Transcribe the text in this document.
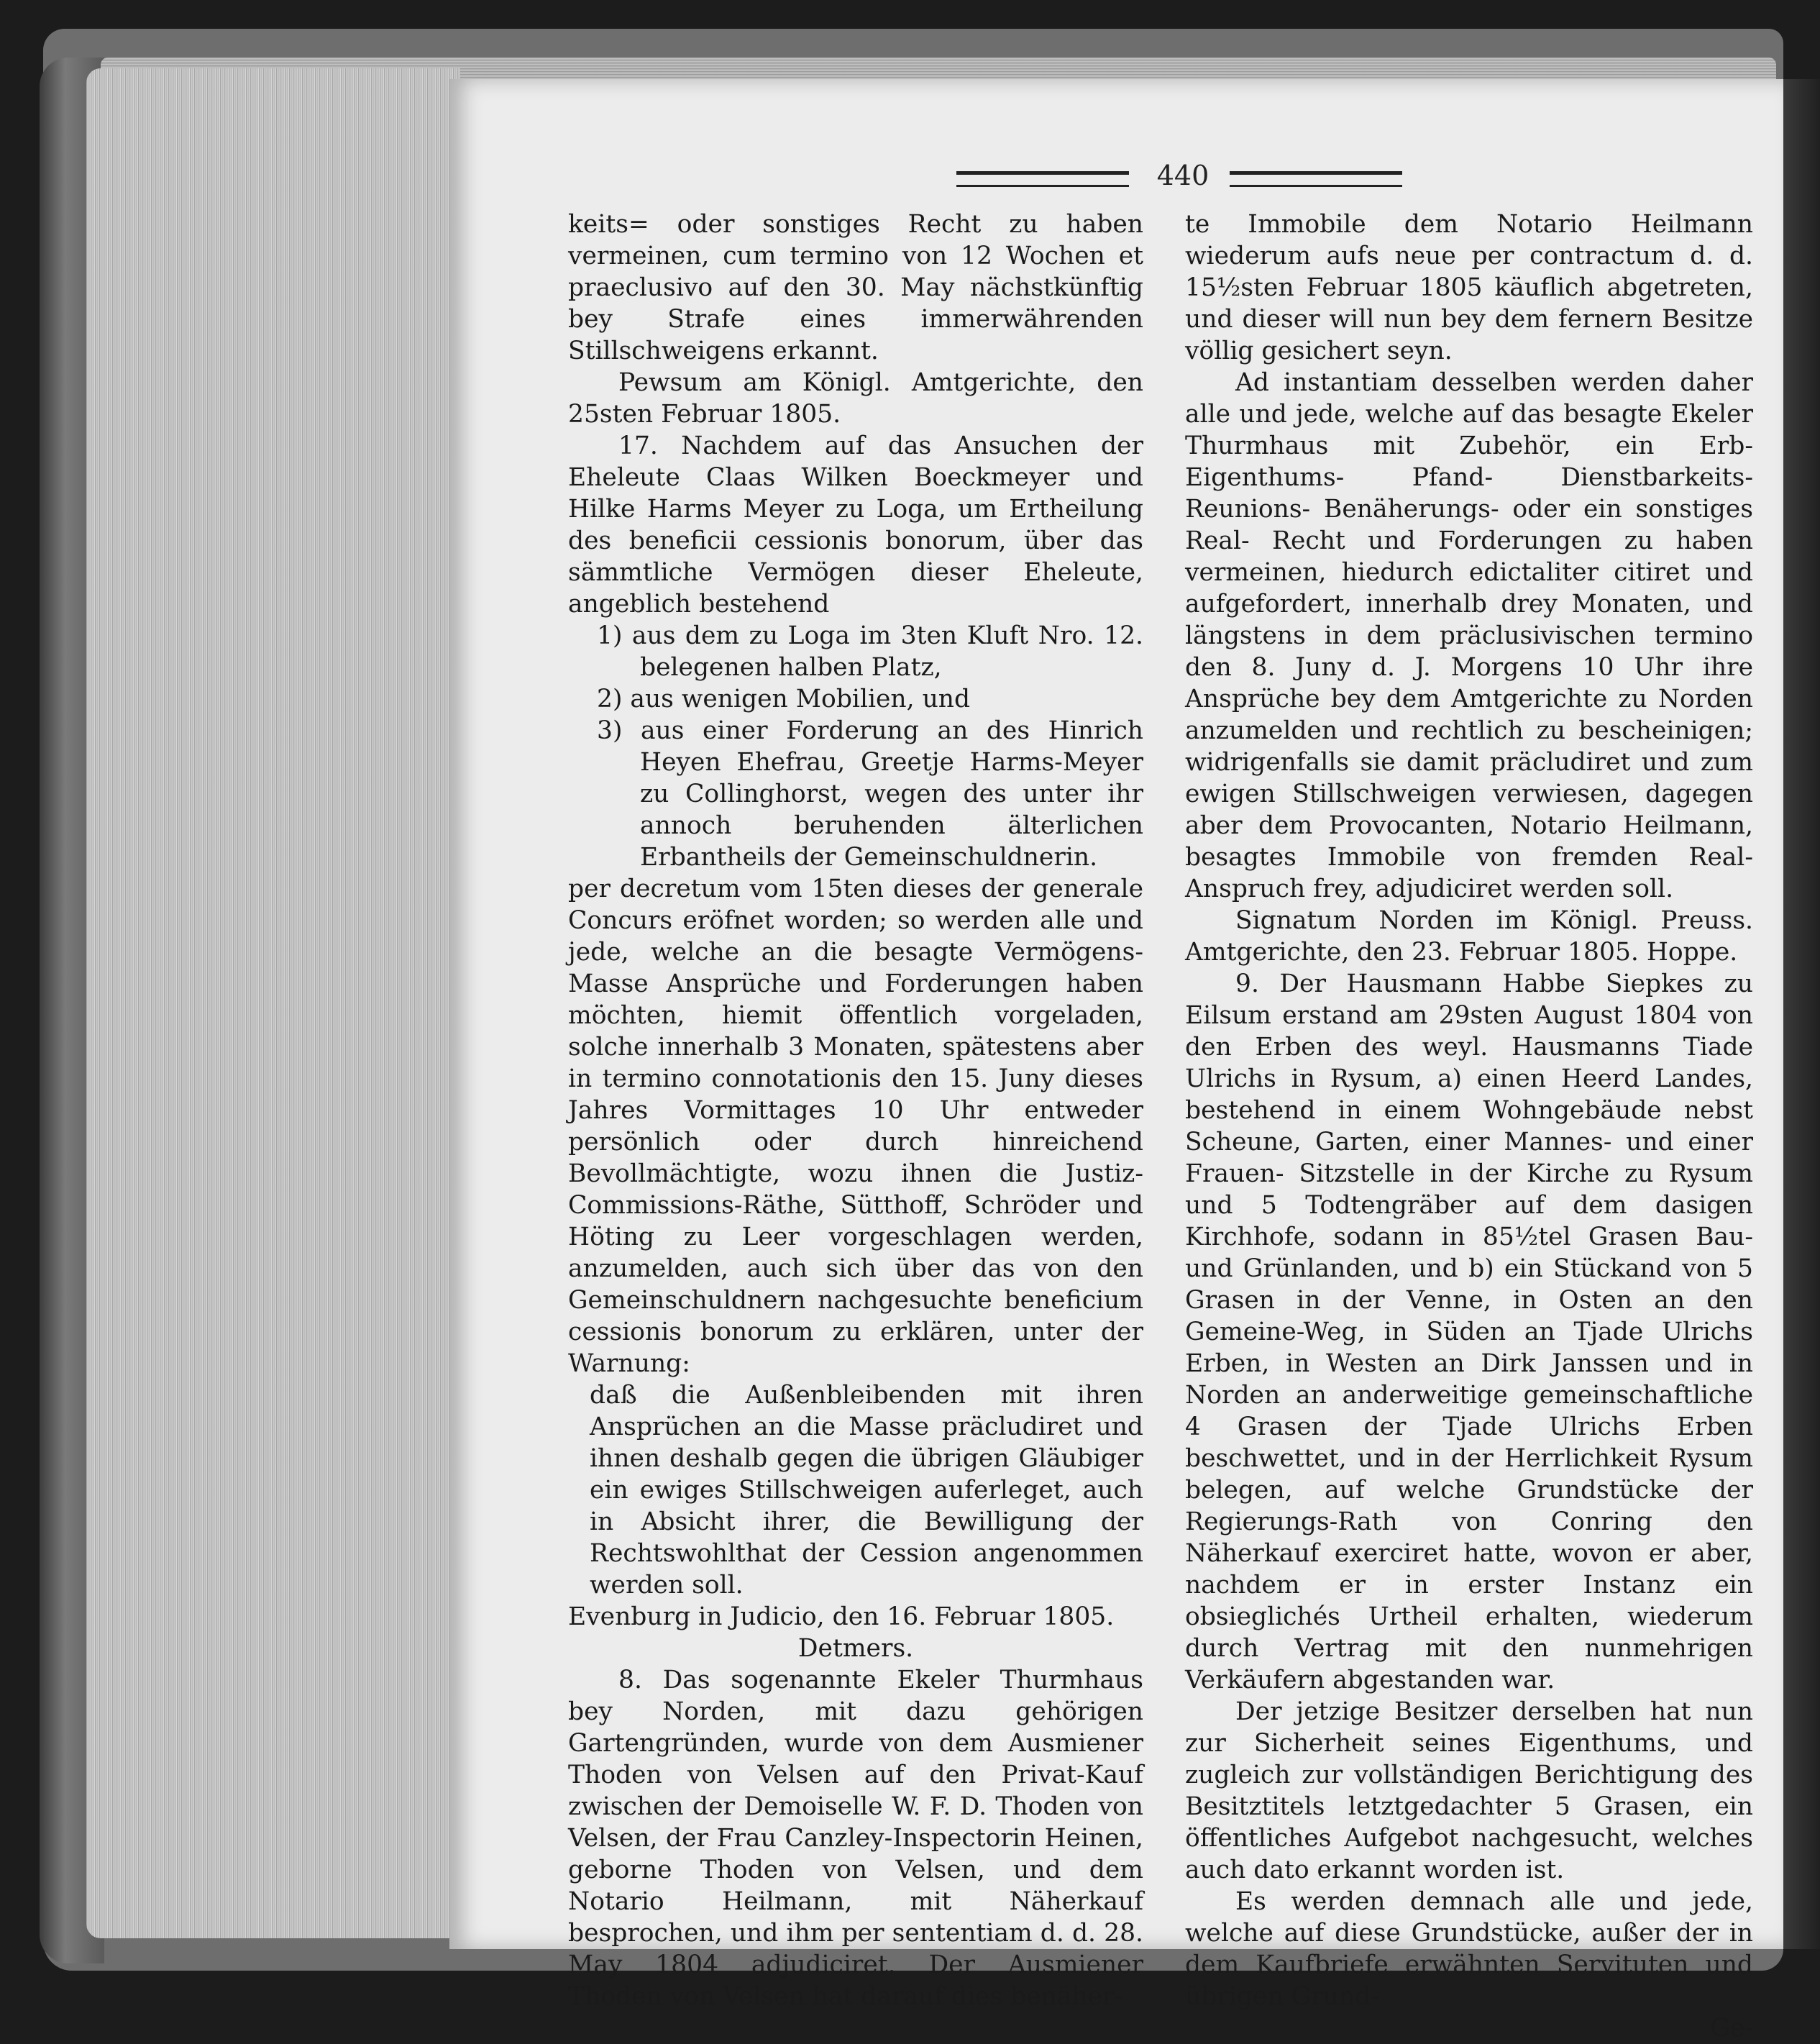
440

keits= oder sonstiges Recht zu haben vermeinen, cum termino von 12 Wochen et praeclusivo auf den 30. May nächstkünftig bey Strafe eines immerwährenden Stillschweigens erkannt.

Pewsum am Königl. Amtgerichte, den 25sten Februar 1805.

17. Nachdem auf das Ansuchen der Eheleute Claas Wilken Boeckmeyer und Hilke Harms Meyer zu Loga, um Ertheilung des beneficii cessionis bonorum, über das sämmtliche Vermögen dieser Eheleute, angeblich bestehend

1) aus dem zu Loga im 3ten Kluft Nro. 12. belegenen halben Platz,

2) aus wenigen Mobilien, und

3) aus einer Forderung an des Hinrich Heyen Ehefrau, Greetje Harms-Meyer zu Collinghorst, wegen des unter ihr annoch beruhenden älterlichen Erbantheils der Gemeinschuldnerin.

per decretum vom 15ten dieses der generale Concurs eröfnet worden; so werden alle und jede, welche an die besagte Vermögens-Masse Ansprüche und Forderungen haben möchten, hiemit öffentlich vorgeladen, solche innerhalb 3 Monaten, spätestens aber in termino connotationis den 15. Juny dieses Jahres Vormittages 10 Uhr entweder persönlich oder durch hinreichend Bevollmächtigte, wozu ihnen die Justiz-Commissions-Räthe, Sütthoff, Schröder und Höting zu Leer vorgeschlagen werden, anzumelden, auch sich über das von den Gemeinschuldnern nachgesuchte beneficium cessionis bonorum zu erklären, unter der Warnung:

daß die Außenbleibenden mit ihren Ansprüchen an die Masse präcludiret und ihnen deshalb gegen die übrigen Gläubiger ein ewiges Stillschweigen auferleget, auch in Absicht ihrer, die Bewilligung der Rechtswohlthat der Cession angenommen werden soll.

Evenburg in Judicio, den 16. Februar 1805.

Detmers.

8. Das sogenannte Ekeler Thurmhaus bey Norden, mit dazu gehörigen Gartengründen, wurde von dem Ausmiener Thoden von Velsen auf den Privat-Kauf zwischen der Demoiselle W. F. D. Thoden von Velsen, der Frau Canzley-Inspectorin Heinen, geborne Thoden von Velsen, und dem Notario Heilmann, mit Näherkauf besprochen, und ihm per sententiam d. d. 28. May 1804 adjudiciret. Der Ausmiener Thoden von Velsen hat darauf dies benäher-

te Immobile dem Notario Heilmann wiederum aufs neue per contractum d. d. 15½sten Februar 1805 käuflich abgetreten, und dieser will nun bey dem fernern Besitze völlig gesichert seyn.

Ad instantiam desselben werden daher alle und jede, welche auf das besagte Ekeler Thurmhaus mit Zubehör, ein Erb- Eigenthums- Pfand- Dienstbarkeits- Reunions- Benäherungs- oder ein sonstiges Real- Recht und Forderungen zu haben vermeinen, hiedurch edictaliter citiret und aufgefordert, innerhalb drey Monaten, und längstens in dem präclusivischen termino den 8. Juny d. J. Morgens 10 Uhr ihre Ansprüche bey dem Amtgerichte zu Norden anzumelden und rechtlich zu bescheinigen; widrigenfalls sie damit präcludiret und zum ewigen Stillschweigen verwiesen, dagegen aber dem Provocanten, Notario Heilmann, besagtes Immobile von fremden Real-Anspruch frey, adjudiciret werden soll.

Signatum Norden im Königl. Preuss. Amtgerichte, den 23. Februar 1805. Hoppe.

9. Der Hausmann Habbe Siepkes zu Eilsum erstand am 29sten August 1804 von den Erben des weyl. Hausmanns Tiade Ulrichs in Rysum, a) einen Heerd Landes, bestehend in einem Wohngebäude nebst Scheune, Garten, einer Mannes- und einer Frauen- Sitzstelle in der Kirche zu Rysum und 5 Todtengräber auf dem dasigen Kirchhofe, sodann in 85½tel Grasen Bau- und Grünlanden, und b) ein Stückand von 5 Grasen in der Venne, in Osten an den Gemeine-Weg, in Süden an Tjade Ulrichs Erben, in Westen an Dirk Janssen und in Norden an anderweitige gemeinschaftliche 4 Grasen der Tjade Ulrichs Erben beschwettet, und in der Herrlichkeit Rysum belegen, auf welche Grundstücke der Regierungs-Rath von Conring den Näherkauf exerciret hatte, wovon er aber, nachdem er in erster Instanz ein obsieglichés Urtheil erhalten, wiederum durch Vertrag mit den nunmehrigen Verkäufern abgestanden war.

Der jetzige Besitzer derselben hat nun zur Sicherheit seines Eigenthums, und zugleich zur vollständigen Berichtigung des Besitztitels letztgedachter 5 Grasen, ein öffentliches Aufgebot nachgesucht, welches auch dato erkannt worden ist.

Es werden demnach alle und jede, welche auf diese Grundstücke, außer der in dem Kaufbriefe erwähnten Servituten und übrigen Grund-

Ge-
